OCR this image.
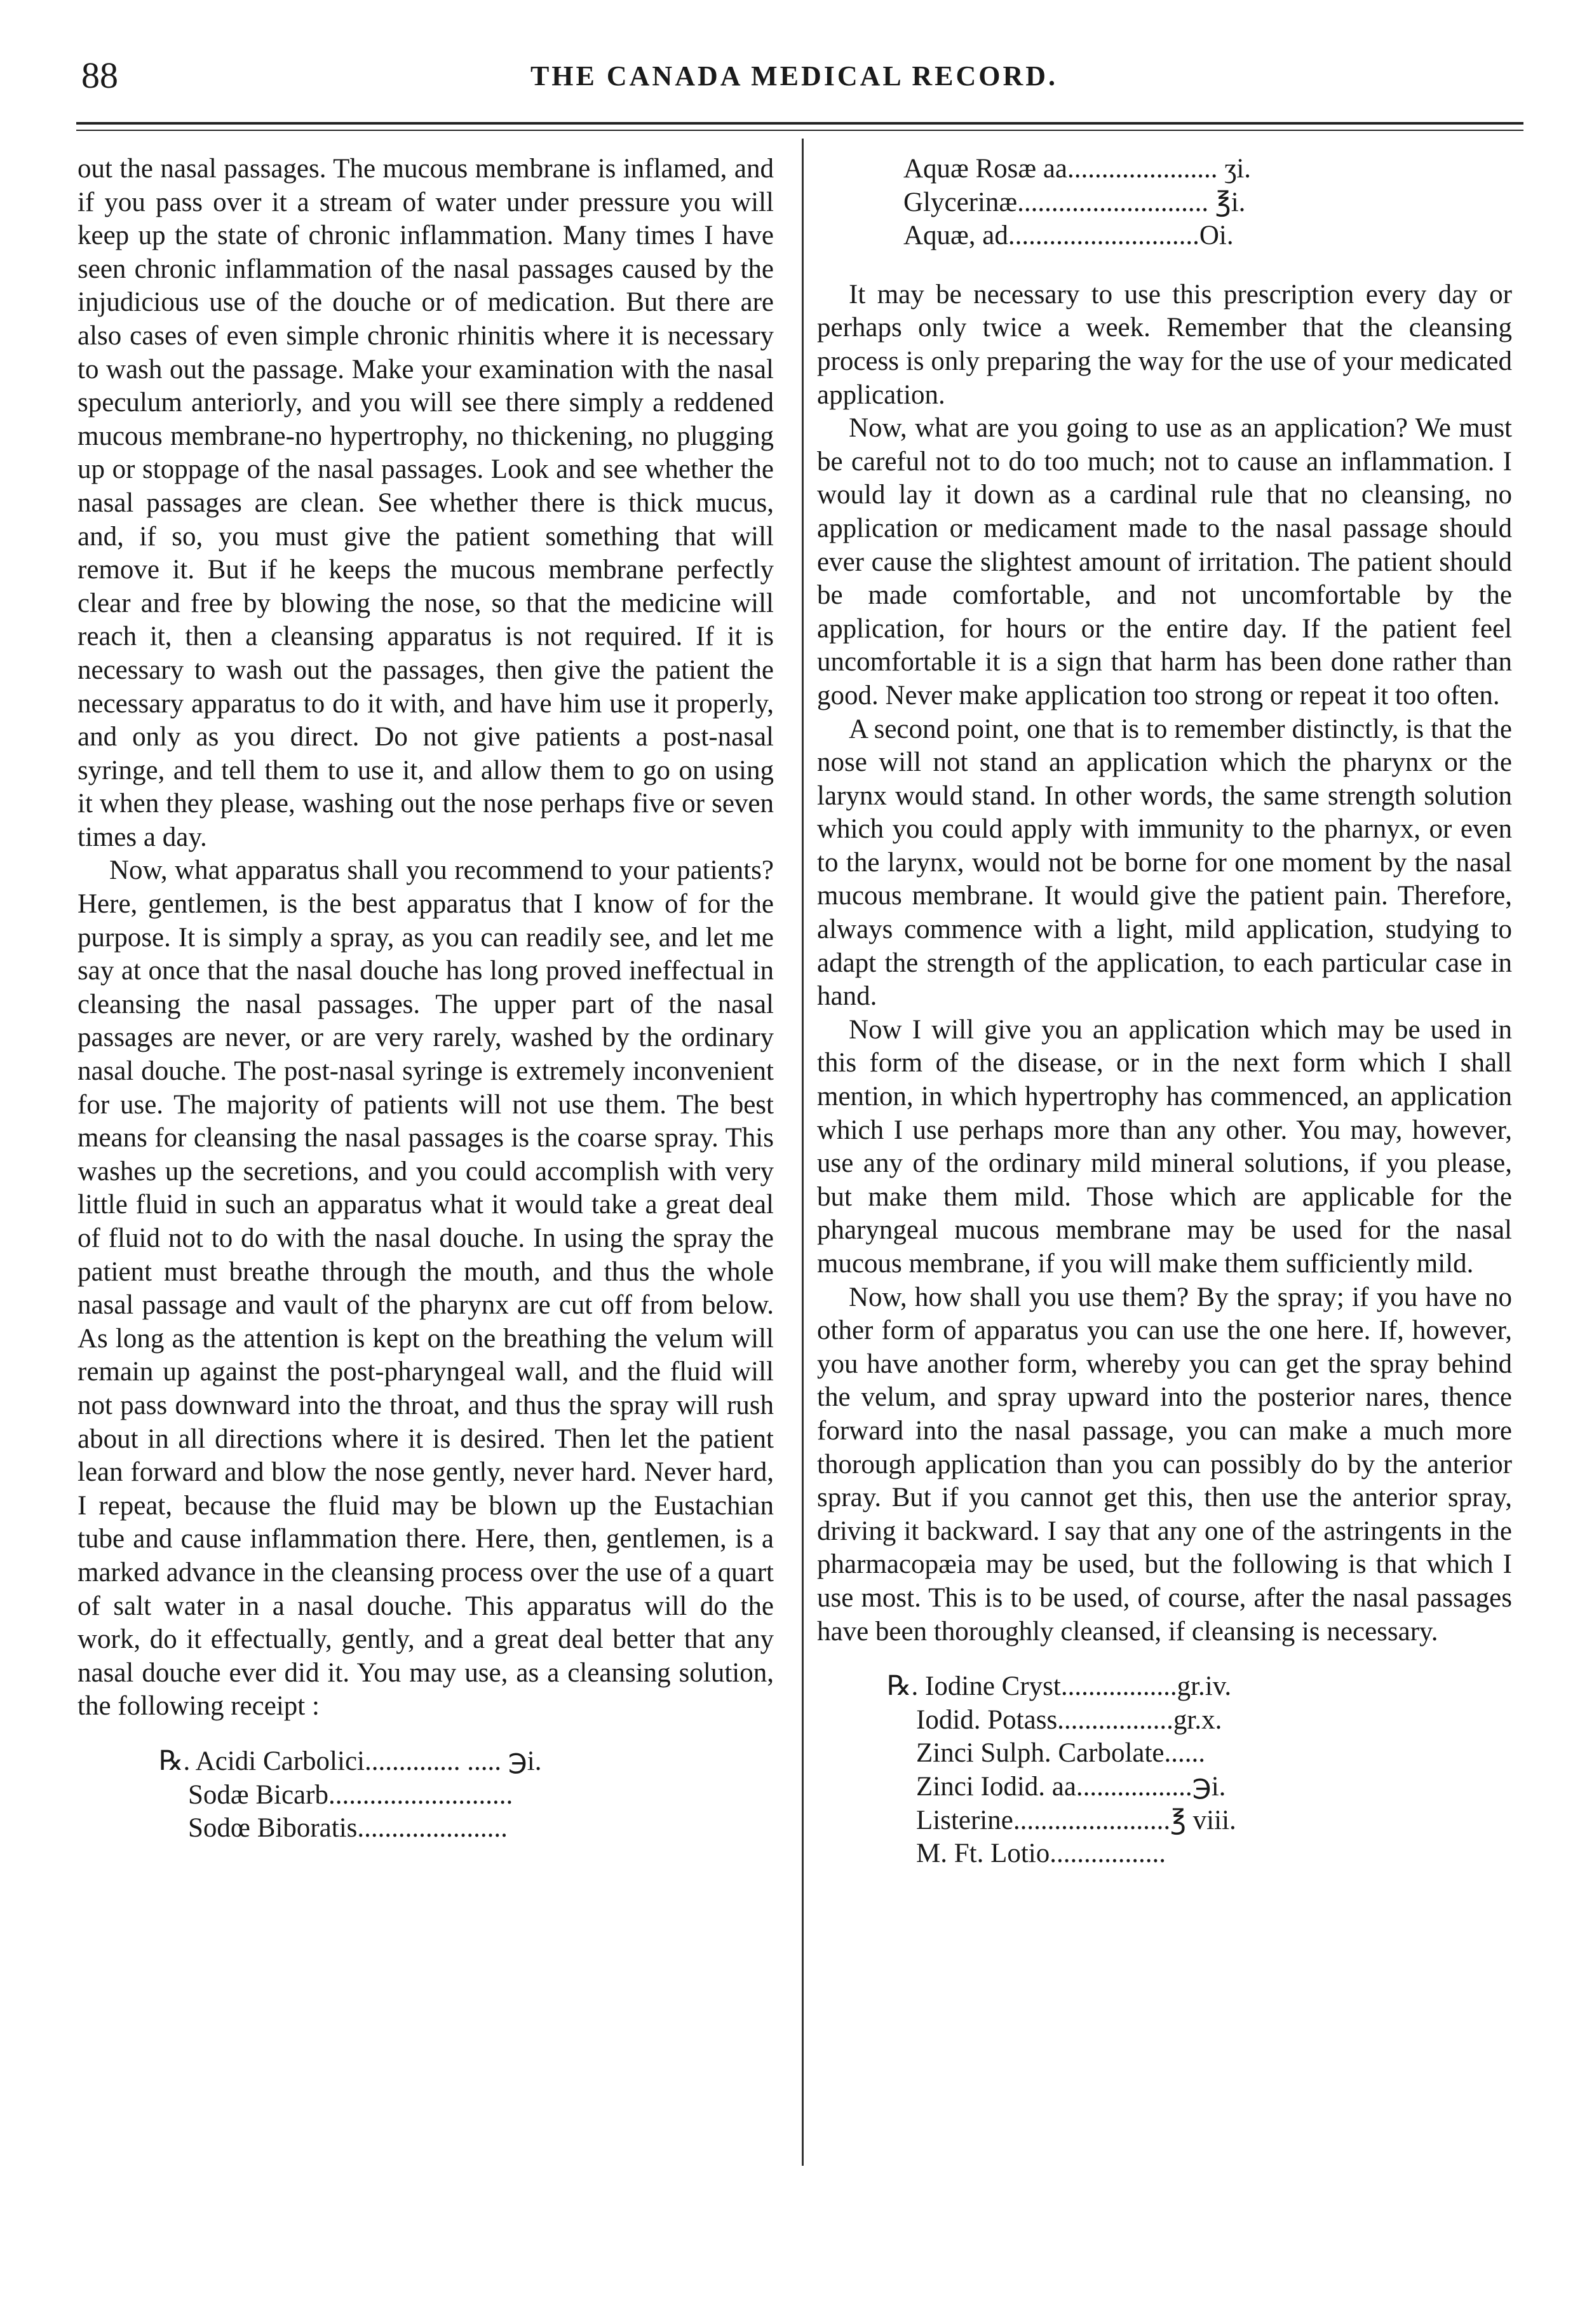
88	THE CANADA MEDICAL RECORD.

out the nasal passages. The mucous membrane is inflamed, and if you pass over it a stream of water under pressure you will keep up the state of chronic inflammation. Many times I have seen chronic inflammation of the nasal passages caused by the injudicious use of the douche or of medication. But there are also cases of even simple chronic rhinitis where it is necessary to wash out the passage. Make your examination with the nasal speculum anteriorly, and you will see there simply a reddened mucous membrane-no hypertrophy, no thickening, no plugging up or stoppage of the nasal passages. Look and see whether the nasal passages are clean. See whether there is thick mucus, and, if so, you must give the patient something that will remove it. But if he keeps the mucous membrane perfectly clear and free by blowing the nose, so that the medicine will reach it, then a cleansing apparatus is not required. If it is necessary to wash out the passages, then give the patient the necessary apparatus to do it with, and have him use it properly, and only as you direct. Do not give patients a post-nasal syringe, and tell them to use it, and allow them to go on using it when they please, washing out the nose perhaps five or seven times a day.

Now, what apparatus shall you recommend to your patients? Here, gentlemen, is the best apparatus that I know of for the purpose. It is simply a spray, as you can readily see, and let me say at once that the nasal douche has long proved ineffectual in cleansing the nasal passages. The upper part of the nasal passages are never, or are very rarely, washed by the ordinary nasal douche. The post-nasal syringe is extremely inconvenient for use. The majority of patients will not use them. The best means for cleansing the nasal passages is the coarse spray. This washes up the secretions, and you could accomplish with very little fluid in such an apparatus what it would take a great deal of fluid not to do with the nasal douche. In using the spray the patient must breathe through the mouth, and thus the whole nasal passage and vault of the pharynx are cut off from below. As long as the attention is kept on the breathing the velum will remain up against the post-pharyngeal wall, and the fluid will not pass downward into the throat, and thus the spray will rush about in all directions where it is desired. Then let the patient lean forward and blow the nose gently, never hard. Never hard, I repeat, because the fluid may be blown up the Eustachian tube and cause inflammation there. Here, then, gentlemen, is a marked advance in the cleansing process over the use of a quart of salt water in a nasal douche. This apparatus will do the work, do it effectually, gently, and a great deal better that any nasal douche ever did it. You may use, as a cleansing solution, the following receipt :

℞. Acidi Carbolici.............. ..... ℈i.
Sodæ Bicarb...........................
Sodœ Biboratis......................
Aquæ Rosæ aa...................... ʒi.
Glycerinæ............................ ℥i.
Aquæ, ad............................Oi.

It may be necessary to use this prescription every day or perhaps only twice a week. Remember that the cleansing process is only preparing the way for the use of your medicated application.

Now, what are you going to use as an application? We must be careful not to do too much; not to cause an inflammation. I would lay it down as a cardinal rule that no cleansing, no application or medicament made to the nasal passage should ever cause the slightest amount of irritation. The patient should be made comfortable, and not uncomfortable by the application, for hours or the entire day. If the patient feel uncomfortable it is a sign that harm has been done rather than good. Never make application too strong or repeat it too often.

A second point, one that is to remember distinctly, is that the nose will not stand an application which the pharynx or the larynx would stand. In other words, the same strength solution which you could apply with immunity to the pharnyx, or even to the larynx, would not be borne for one moment by the nasal mucous membrane. It would give the patient pain. Therefore, always commence with a light, mild application, studying to adapt the strength of the application, to each particular case in hand.

Now I will give you an application which may be used in this form of the disease, or in the next form which I shall mention, in which hypertrophy has commenced, an application which I use perhaps more than any other. You may, however, use any of the ordinary mild mineral solutions, if you please, but make them mild. Those which are applicable for the pharyngeal mucous membrane may be used for the nasal mucous membrane, if you will make them sufficiently mild.

Now, how shall you use them? By the spray; if you have no other form of apparatus you can use the one here. If, however, you have another form, whereby you can get the spray behind the velum, and spray upward into the posterior nares, thence forward into the nasal passage, you can make a much more thorough application than you can possibly do by the anterior spray. But if you cannot get this, then use the anterior spray, driving it backward. I say that any one of the astringents in the pharmacopæia may be used, but the following is that which I use most. This is to be used, of course, after the nasal passages have been thoroughly cleansed, if cleansing is necessary.

℞. Iodine Cryst.................gr.iv.
Iodid. Potass.................gr.x.
Zinci Sulph. Carbolate......
Zinci Iodid. aa.................℈i.
Listerine.......................℥ viii.
M. Ft. Lotio.................
